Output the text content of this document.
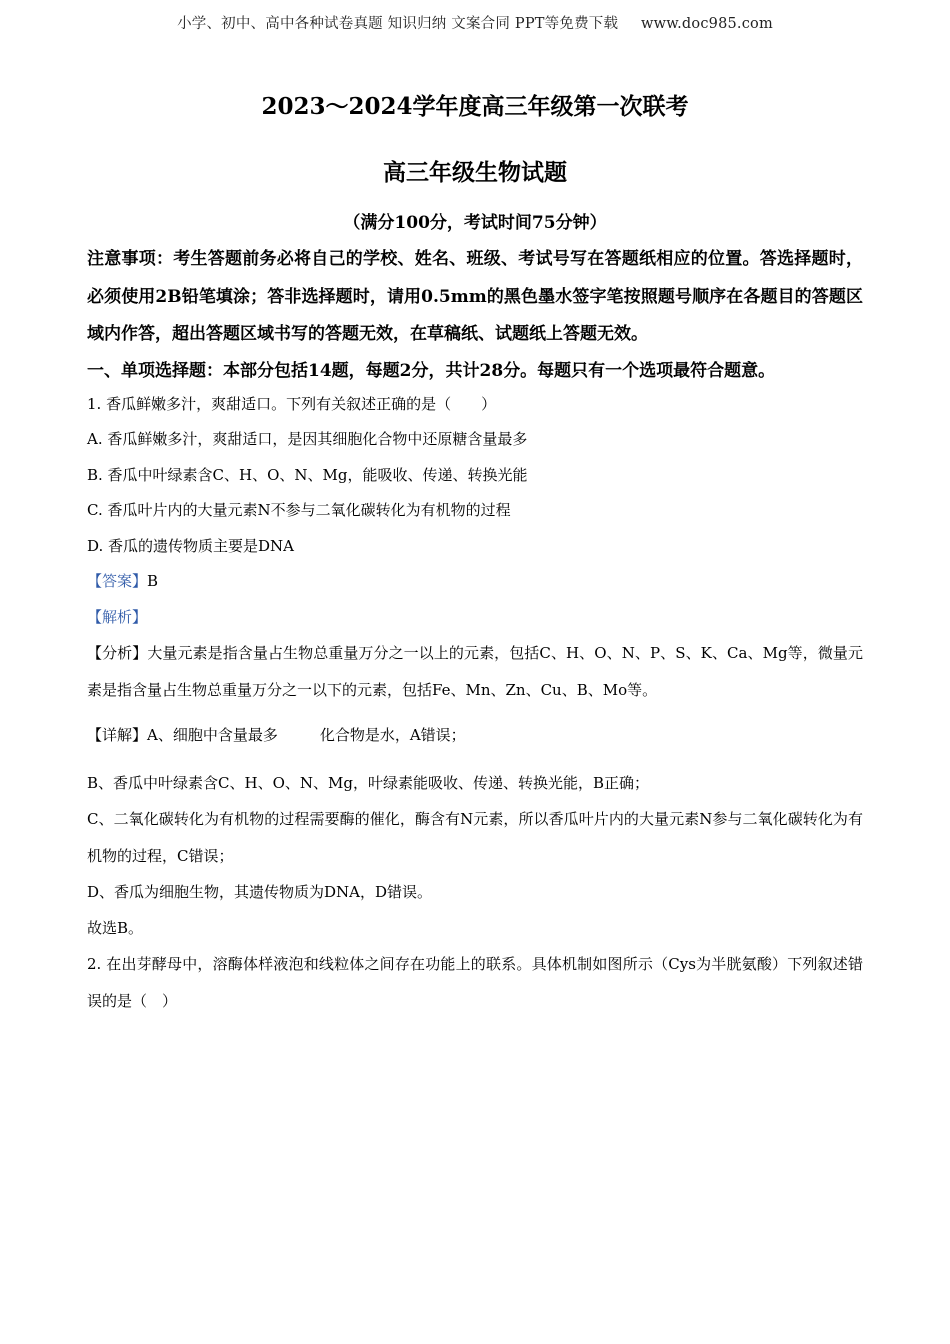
小学、初中、高中各种试卷真题 知识归纳 文案合同 PPT等免费下载 www.doc985.com
2023～2024学年度高三年级第一次联考
高三年级生物试题
（满分100分，考试时间75分钟）
注意事项：考生答题前务必将自己的学校、姓名、班级、考试号写在答题纸相应的位置。答选择题时，必须使用2B铅笔填涂；答非选择题时，请用0.5mm的黑色墨水签字笔按照题号顺序在各题目的答题区域内作答，超出答题区域书写的答题无效，在草稿纸、试题纸上答题无效。
一、单项选择题：本部分包括14题，每题2分，共计28分。每题只有一个选项最符合题意。

1. 香瓜鲜嫩多汁，爽甜适口。下列有关叙述正确的是（　　）

A. 香瓜鲜嫩多汁，爽甜适口，是因其细胞化合物中还原糖含量最多

B. 香瓜中叶绿素含C、H、O、N、Mg，能吸收、传递、转换光能

C. 香瓜叶片内的大量元素N不参与二氧化碳转化为有机物的过程

D. 香瓜的遗传物质主要是DNA

【答案】B

【解析】

【分析】大量元素是指含量占生物总重量万分之一以上的元素，包括C、H、O、N、P、S、K、Ca、Mg等，微量元素是指含量占生物总重量万分之一以下的元素，包括Fe、Mn、Zn、Cu、B、Mo等。

【详解】A、细胞中含量最多	化合物是水，A错误；

B、香瓜中叶绿素含C、H、O、N、Mg，叶绿素能吸收、传递、转换光能，B正确；

C、二氧化碳转化为有机物的过程需要酶的催化，酶含有N元素，所以香瓜叶片内的大量元素N参与二氧化碳转化为有机物的过程，C错误；

D、香瓜为细胞生物，其遗传物质为DNA，D错误。

故选B。

2. 在出芽酵母中，溶酶体样液泡和线粒体之间存在功能上的联系。具体机制如图所示（Cys为半胱氨酸）下列叙述错误的是（　）
